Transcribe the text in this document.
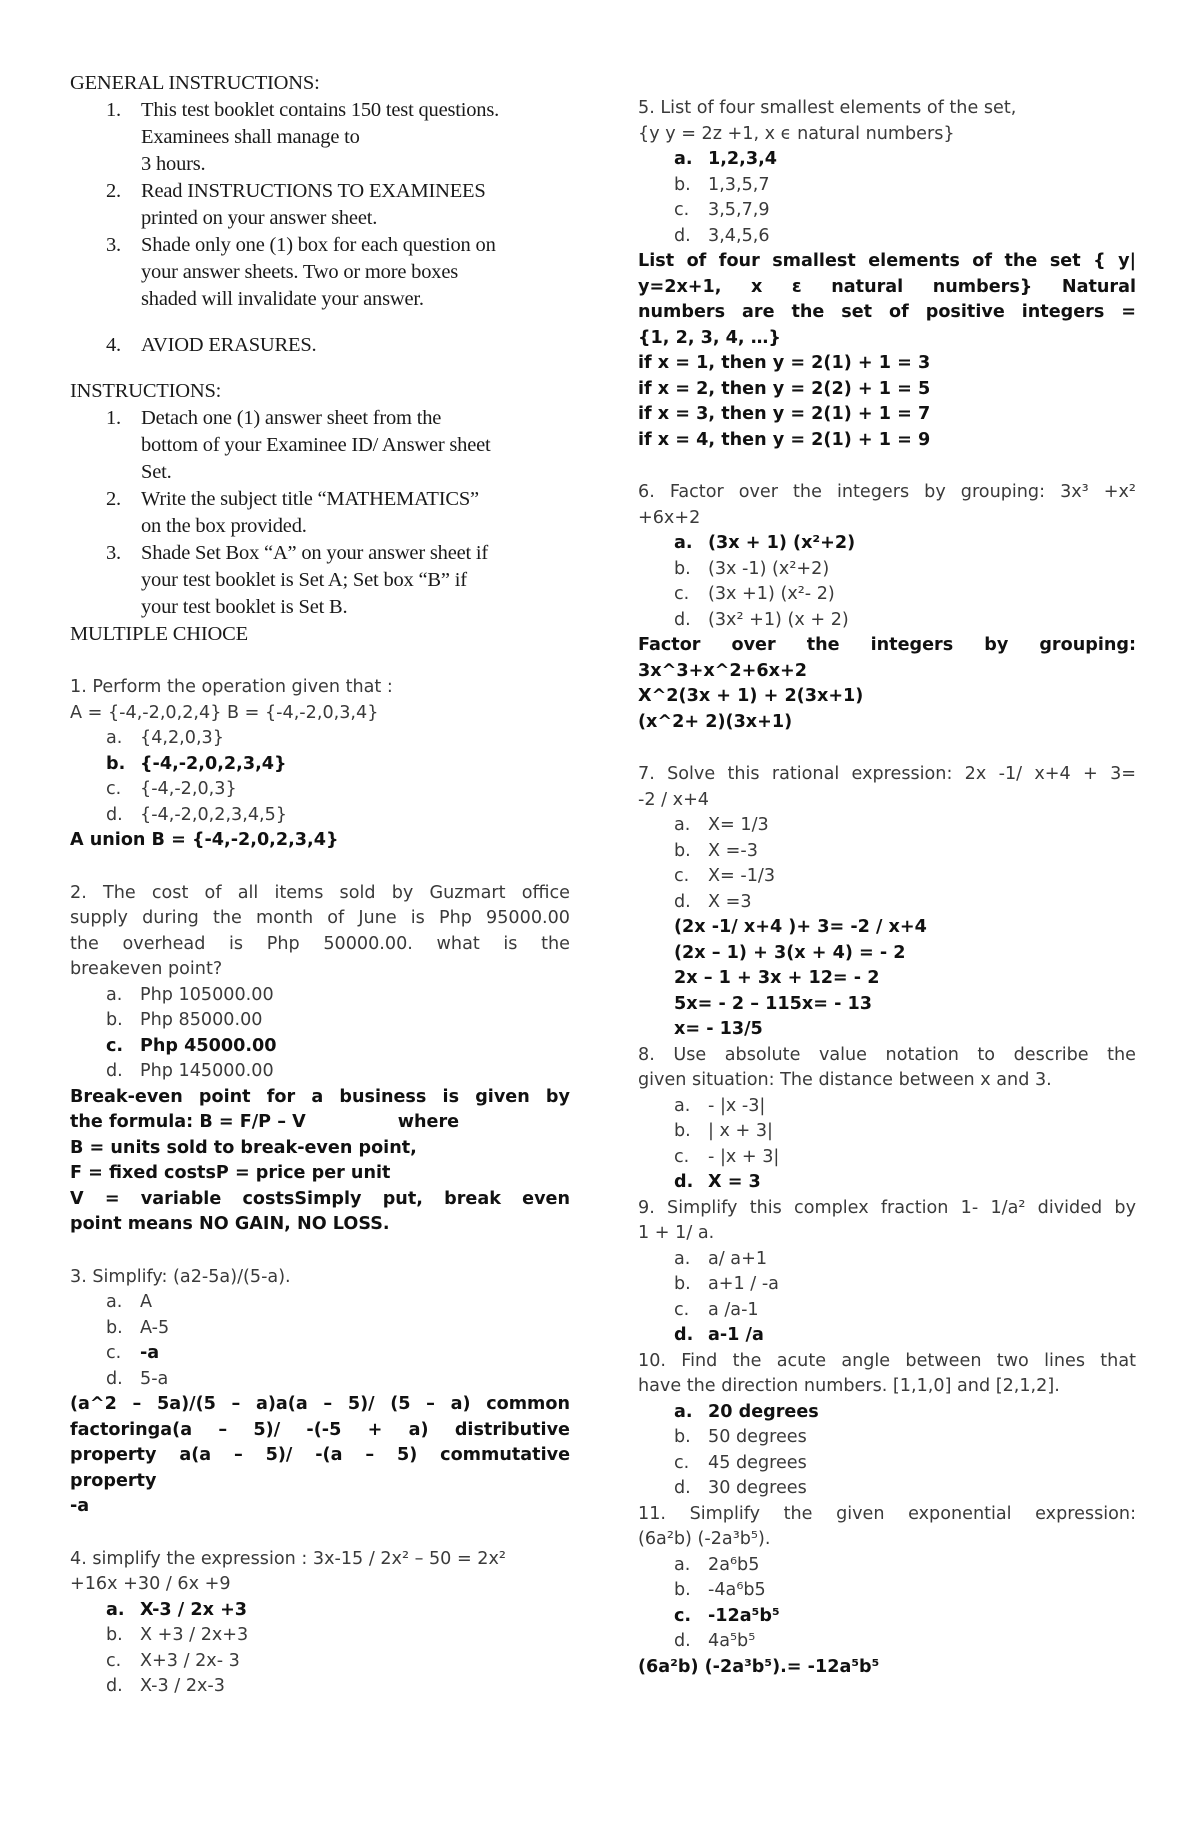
GENERAL INSTRUCTIONS:
1. This test booklet contains 150 test questions.
Examinees shall manage to
3 hours.
2. Read INSTRUCTIONS TO EXAMINEES
printed on your answer sheet.
3. Shade only one (1) box for each question on
your answer sheets. Two or more boxes
shaded will invalidate your answer.
4. AVIOD ERASURES.
INSTRUCTIONS:
1. Detach one (1) answer sheet from the
bottom of your Examinee ID/ Answer sheet
Set.
2. Write the subject title “MATHEMATICS”
on the box provided.
3. Shade Set Box “A” on your answer sheet if
your test booklet is Set A; Set box “B” if
your test booklet is Set B.
MULTIPLE CHIOCE
1. Perform the operation given that :
A = {-4,-2,0,2,4} B = {-4,-2,0,3,4}
a. {4,2,0,3}
b. {-4,-2,0,2,3,4}
c. {-4,-2,0,3}
d. {-4,-2,0,2,3,4,5}
A union B = {-4,-2,0,2,3,4}
2. The cost of all items sold by Guzmart office
supply during the month of June is Php 95000.00
the overhead is Php 50000.00. what is the
breakeven point?
a. Php 105000.00
b. Php 85000.00
c. Php 45000.00
d. Php 145000.00
Break-even point for a business is given by
the formula: B = F/P – V	where
B = units sold to break-even point,
F = fixed costsP = price per unit
V = variable costsSimply put, break even
point means NO GAIN, NO LOSS.
3. Simplify: (a2-5a)/(5-a).
a. A
b. A-5
c. -a
d. 5-a
(a^2 – 5a)/(5 – a)a(a – 5)/ (5 – a) common
factoringa(a – 5)/ -(-5 + a) distributive
property a(a – 5)/ -(a – 5) commutative
property
-a
4. simplify the expression : 3x-15 / 2x² – 50 = 2x²
+16x +30 / 6x +9
a. X-3 / 2x +3
b. X +3 / 2x+3
c. X+3 / 2x- 3
d. X-3 / 2x-3
5. List of four smallest elements of the set,
{y y = 2z +1, x ϵ natural numbers}
a. 1,2,3,4
b. 1,3,5,7
c. 3,5,7,9
d. 3,4,5,6
List of four smallest elements of the set { y|
y=2x+1, x ε natural numbers} Natural
numbers are the set of positive integers =
{1, 2, 3, 4, …}
if x = 1, then y = 2(1) + 1 = 3
if x = 2, then y = 2(2) + 1 = 5
if x = 3, then y = 2(1) + 1 = 7
if x = 4, then y = 2(1) + 1 = 9
6. Factor over the integers by grouping: 3x³ +x²
+6x+2
a. (3x + 1) (x²+2)
b. (3x -1) (x²+2)
c. (3x +1) (x²- 2)
d. (3x² +1) (x + 2)
Factor over the integers by grouping:
3x^3+x^2+6x+2
X^2(3x + 1) + 2(3x+1)
(x^2+ 2)(3x+1)
7. Solve this rational expression: 2x -1/ x+4 + 3=
-2 / x+4
a. X= 1/3
b. X =-3
c. X= -1/3
d. X =3
(2x -1/ x+4 )+ 3= -2 / x+4
(2x – 1) + 3(x + 4) = - 2
2x – 1 + 3x + 12= - 2
5x= - 2 – 115x= - 13
x= - 13/5
8. Use absolute value notation to describe the
given situation: The distance between x and 3.
a. - |x -3|
b. | x + 3|
c. - |x + 3|
d. X = 3
9. Simplify this complex fraction 1- 1/a² divided by
1 + 1/ a.
a. a/ a+1
b. a+1 / -a
c. a /a-1
d. a-1 /a
10. Find the acute angle between two lines that
have the direction numbers. [1,1,0] and [2,1,2].
a. 20 degrees
b. 50 degrees
c. 45 degrees
d. 30 degrees
11. Simplify the given exponential expression:
(6a²b) (-2a³b⁵).
a. 2a⁶b5
b. -4a⁶b5
c. -12a⁵b⁵
d. 4a⁵b⁵
(6a²b) (-2a³b⁵).= -12a⁵b⁵
